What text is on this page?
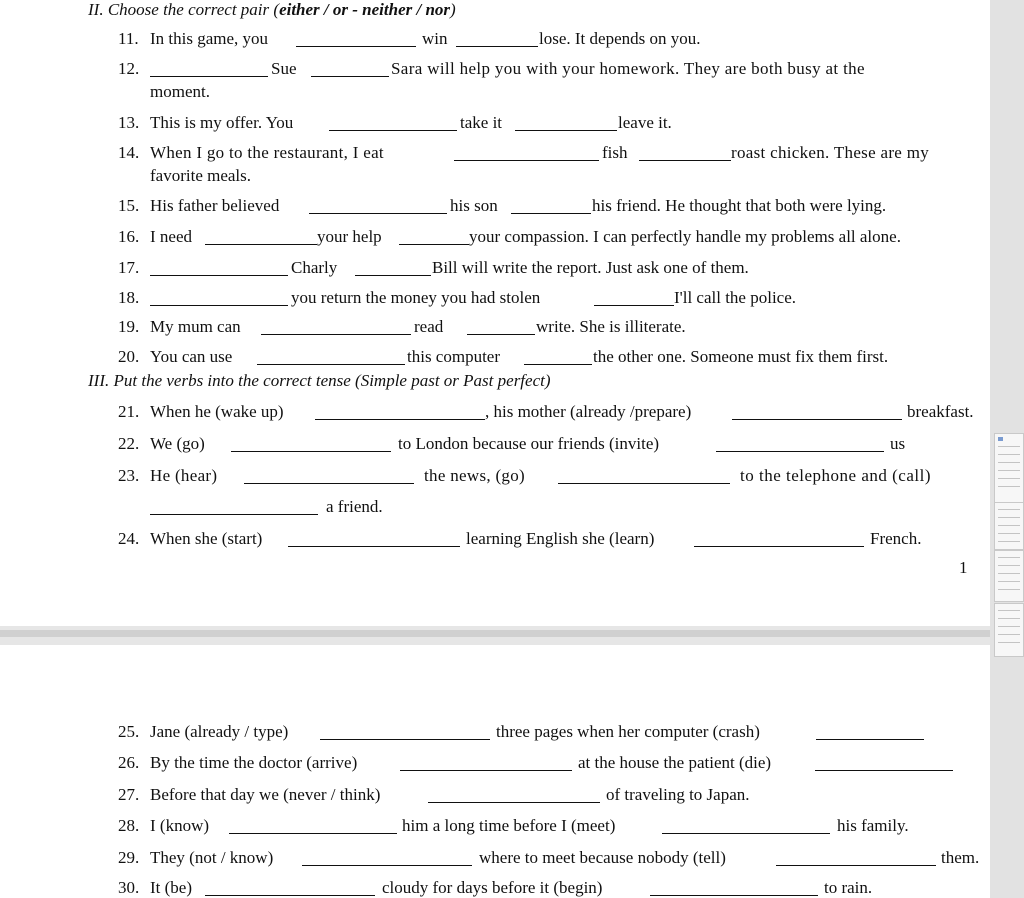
II. Choose the correct pair (either / or - neither / nor)
11. In this game, you	win	lose. It depends on you.
12.	Sue	Sara will help you with your homework. They are both busy at the
moment.
13. This is my offer. You	take it	leave it.
14. When I go to the restaurant, I eat	fish	roast chicken. These are my
favorite meals.
15. His father believed	his son	his friend. He thought that both were lying.
16. I need	your help	your compassion. I can perfectly handle my problems all alone.
17.	Charly	Bill will write the report. Just ask one of them.
18.	you return the money you had stolen	I'll call the police.
19. My mum can	read	write. She is illiterate.
20. You can use	this computer	the other one. Someone must fix them first.
III. Put the verbs into the correct tense (Simple past or Past perfect)
21. When he (wake up)	, his mother (already /prepare)	breakfast.
22. We (go)	to London because our friends (invite)	us
23. He (hear)	the news, (go)	to the telephone and (call)
a friend.
24. When she (start)	learning English she (learn)	French.
1
25. Jane (already / type)	three pages when her computer (crash)
26. By the time the doctor (arrive)	at the house the patient (die)
27. Before that day we (never / think)	of traveling to Japan.
28. I (know)	him a long time before I (meet)	his family.
29. They (not / know)	where to meet because nobody (tell)	them.
30. It (be)	cloudy for days before it (begin)	to rain.
